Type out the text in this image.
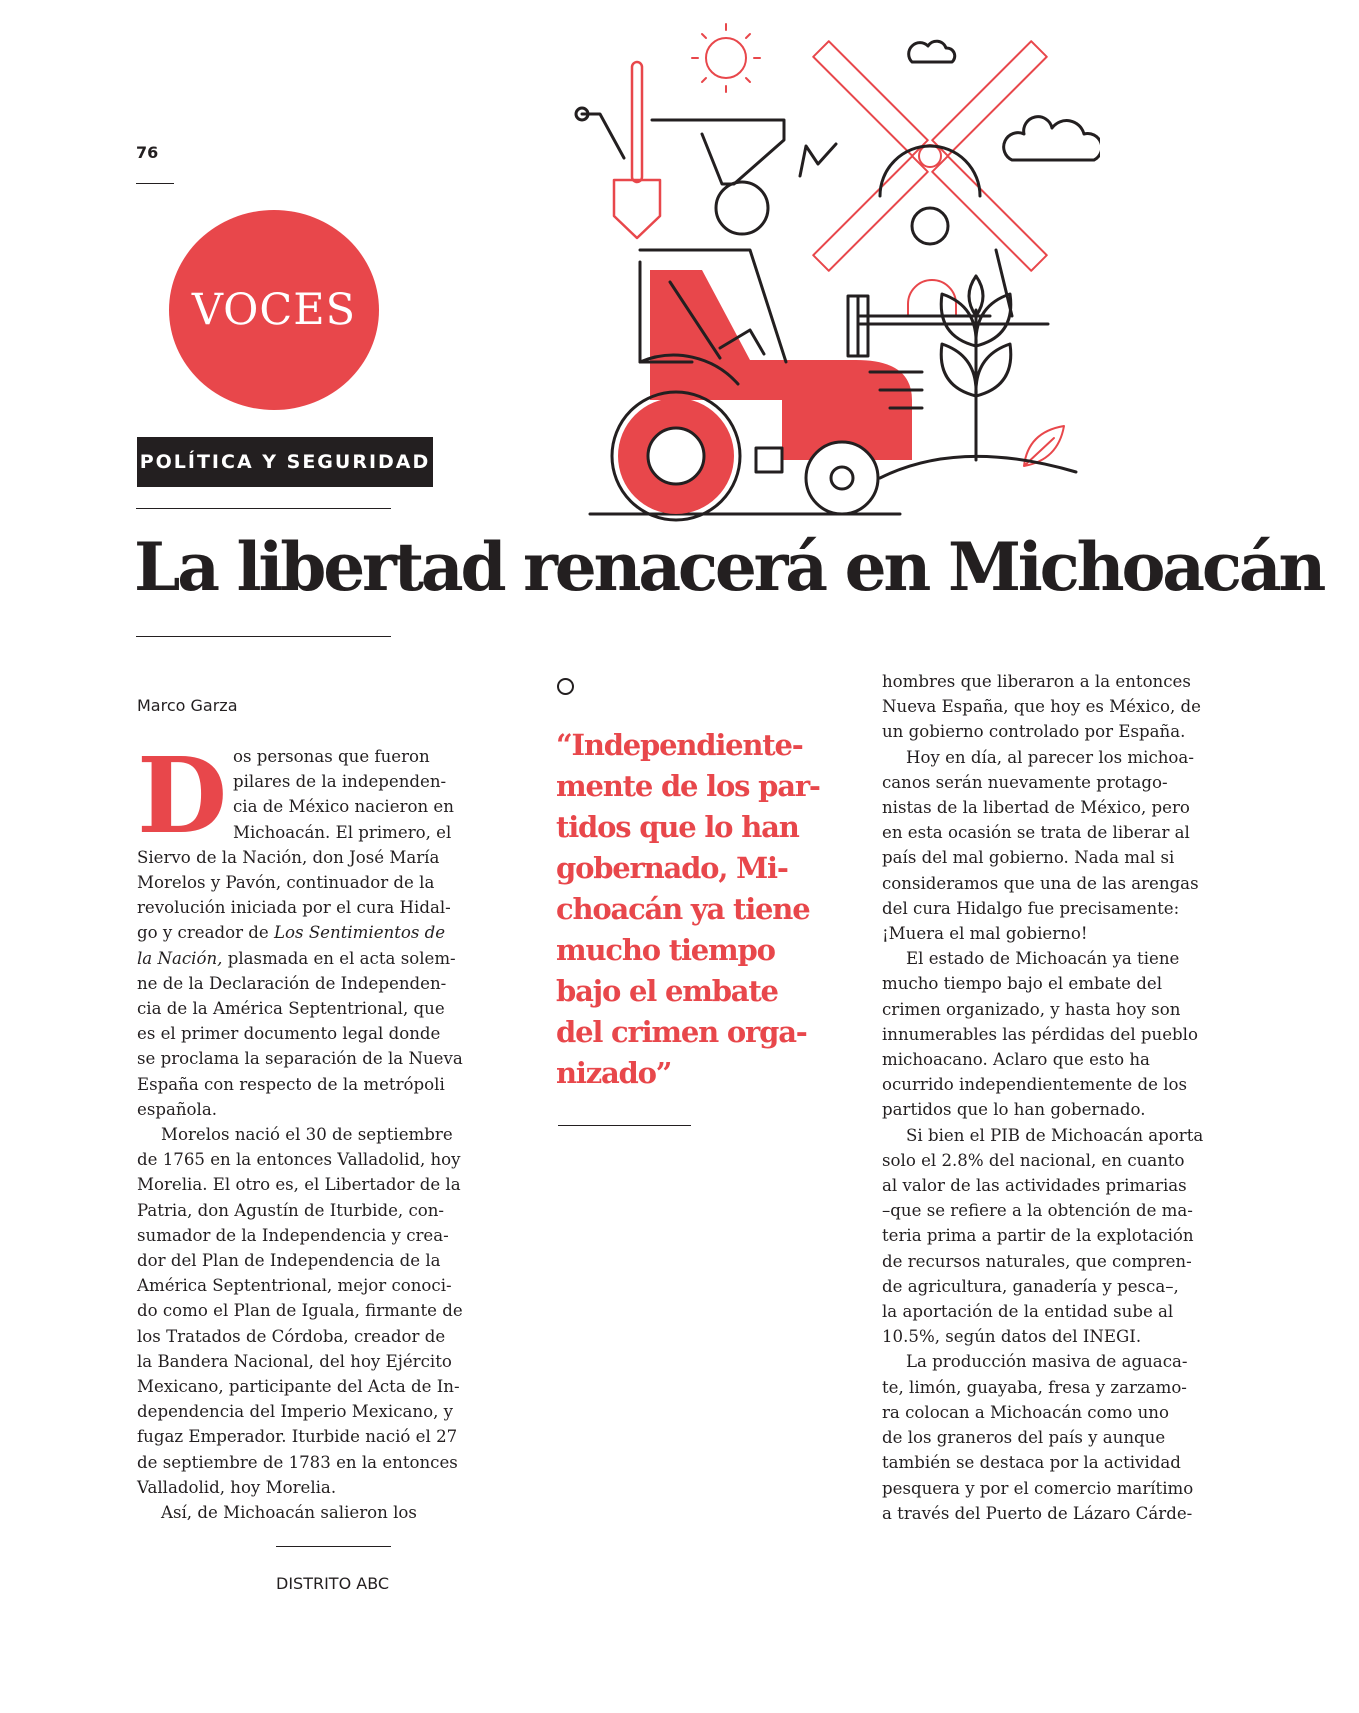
76
VOCES
POLÍTICA Y SEGURIDAD
La libertad renacerá en Michoacán
Marco Garza
D os personas que fueron
pilares de la independen-
cia de México nacieron en
Michoacán. El primero, el
Siervo de la Nación, don José María
Morelos y Pavón, continuador de la
revolución iniciada por el cura Hidal-
go y creador de Los Sentimientos de
la Nación, plasmada en el acta solem-
ne de la Declaración de Independen-
cia de la América Septentrional, que
es el primer documento legal donde
se proclama la separación de la Nueva
España con respecto de la metrópoli
española.

Morelos nació el 30 de septiembre
de 1765 en la entonces Valladolid, hoy
Morelia. El otro es, el Libertador de la
Patria, don Agustín de Iturbide, con-
sumador de la Independencia y crea-
dor del Plan de Independencia de la
América Septentrional, mejor conoci-
do como el Plan de Iguala, firmante de
los Tratados de Córdoba, creador de
la Bandera Nacional, del hoy Ejército
Mexicano, participante del Acta de In-
dependencia del Imperio Mexicano, y
fugaz Emperador. Iturbide nació el 27
de septiembre de 1783 en la entonces
Valladolid, hoy Morelia.

Así, de Michoacán salieron los

“Independiente-
mente de los par-
tidos que lo han
gobernado, Mi-
choacán ya tiene
mucho tiempo
bajo el embate
del crimen orga-
nizado”

hombres que liberaron a la entonces
Nueva España, que hoy es México, de
un gobierno controlado por España.

Hoy en día, al parecer los michoa-
canos serán nuevamente protago-
nistas de la libertad de México, pero
en esta ocasión se trata de liberar al
país del mal gobierno. Nada mal si
consideramos que una de las arengas
del cura Hidalgo fue precisamente:
¡Muera el mal gobierno!

El estado de Michoacán ya tiene
mucho tiempo bajo el embate del
crimen organizado, y hasta hoy son
innumerables las pérdidas del pueblo
michoacano. Aclaro que esto ha
ocurrido independientemente de los
partidos que lo han gobernado.

Si bien el PIB de Michoacán aporta
solo el 2.8% del nacional, en cuanto
al valor de las actividades primarias
–que se refiere a la obtención de ma-
teria prima a partir de la explotación
de recursos naturales, que compren-
de agricultura, ganadería y pesca–,
la aportación de la entidad sube al
10.5%, según datos del INEGI.

La producción masiva de aguaca-
te, limón, guayaba, fresa y zarzamo-
ra colocan a Michoacán como uno
de los graneros del país y aunque
también se destaca por la actividad
pesquera y por el comercio marítimo
a través del Puerto de Lázaro Cárde-

DISTRITO ABC
